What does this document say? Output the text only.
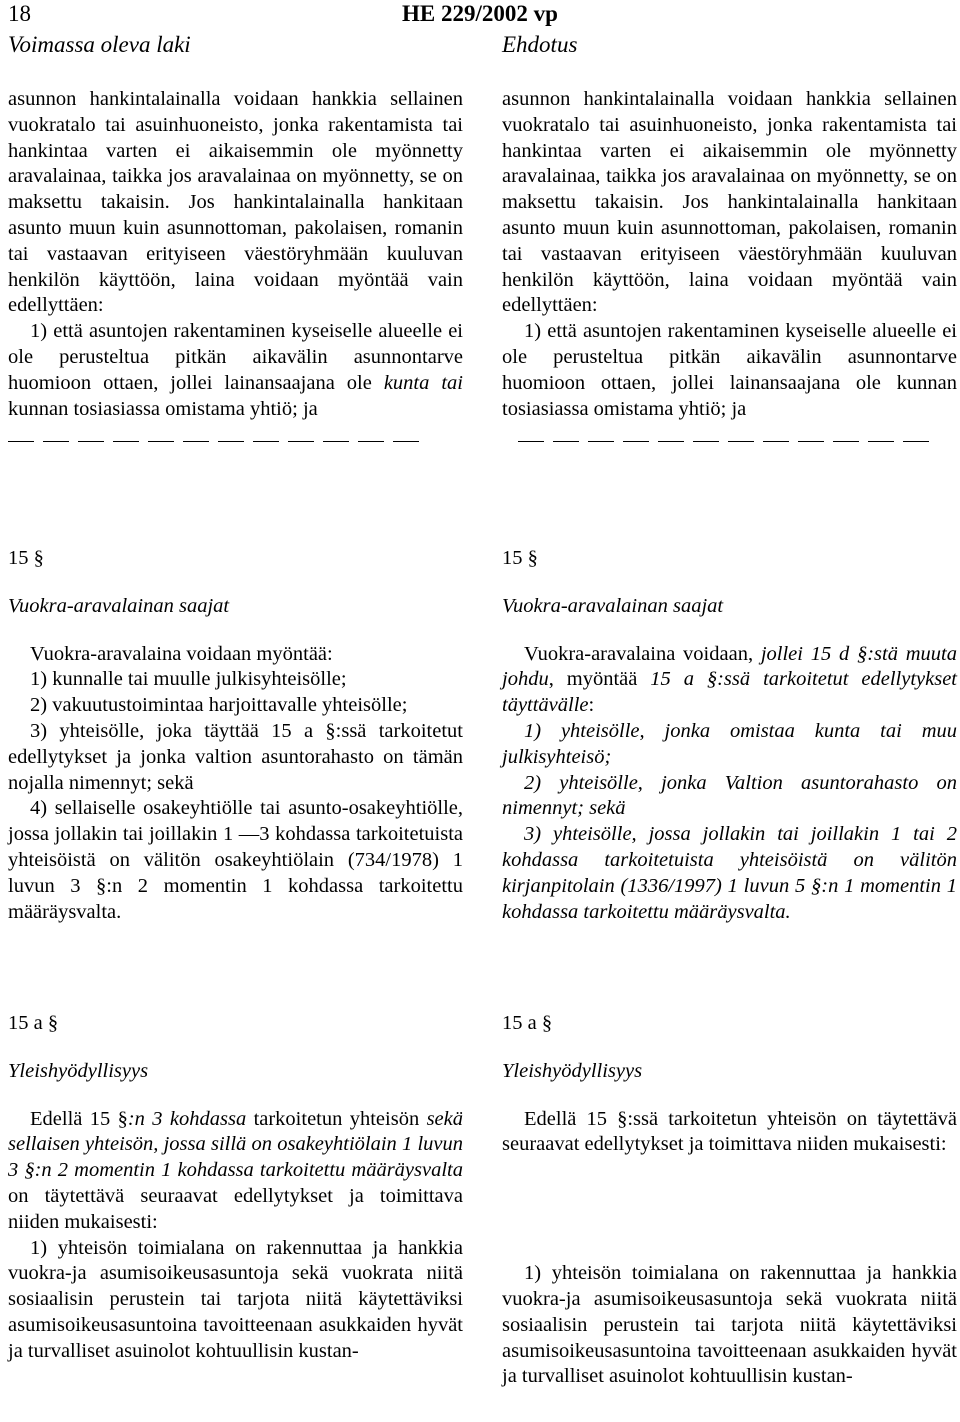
18	HE 229/2002 vp
Voimassa oleva laki	Ehdotus

asunnon hankintalainalla voidaan hankkia sellainen vuokratalo tai asuinhuoneisto, jonka rakentamista tai hankintaa varten ei aikaisemmin ole myönnetty aravalainaa, taikka jos aravalainaa on myönnetty, se on maksettu takaisin. Jos hankintalainalla hankitaan asunto muun kuin asunnottoman, pakolaisen, romanin tai vastaavan erityiseen väestöryhmään kuuluvan henkilön käyttöön, laina voidaan myöntää vain edellyttäen:

1) että asuntojen rakentaminen kyseiselle alueelle ei ole perusteltua pitkän aikavälin asunnontarve huomioon ottaen, jollei lainansaajana ole kunta tai kunnan tosiasiassa omistama yhtiö; ja

15 §

Vuokra-aravalainan saajat

Vuokra-aravalaina voidaan myöntää:

1) kunnalle tai muulle julkisyhteisölle;

2) vakuutustoimintaa harjoittavalle yhteisölle;

3) yhteisölle, joka täyttää 15 a §:ssä tarkoitetut edellytykset ja jonka valtion asuntorahasto on tämän nojalla nimennyt; sekä

4) sellaiselle osakeyhtiölle tai asunto-osakeyhtiölle, jossa jollakin tai joillakin 1 —3 kohdassa tarkoitetuista yhteisöistä on välitön osakeyhtiölain (734/1978) 1 luvun 3 §:n 2 momentin 1 kohdassa tarkoitettu määräysvalta.

15 a §

Yleishyödyllisyys

Edellä 15 §:n 3 kohdassa tarkoitetun yhteisön sekä sellaisen yhteisön, jossa sillä on osakeyhtiölain 1 luvun 3 §:n 2 momentin 1 kohdassa tarkoitettu määräysvalta on täytettävä seuraavat edellytykset ja toimittava niiden mukaisesti:

1) yhteisön toimialana on rakennuttaa ja hankkia vuokra-ja asumisoikeusasuntoja sekä vuokrata niitä sosiaalisin perustein tai tarjota niitä käytettäviksi asumisoikeusasuntoina tavoitteenaan asukkaiden hyvät ja turvalliset asuinolot kohtuullisin kustan-

asunnon hankintalainalla voidaan hankkia sellainen vuokratalo tai asuinhuoneisto, jonka rakentamista tai hankintaa varten ei aikaisemmin ole myönnetty aravalainaa, taikka jos aravalainaa on myönnetty, se on maksettu takaisin. Jos hankintalainalla hankitaan asunto muun kuin asunnottoman, pakolaisen, romanin tai vastaavan erityiseen väestöryhmään kuuluvan henkilön käyttöön, laina voidaan myöntää vain edellyttäen:

1) että asuntojen rakentaminen kyseiselle alueelle ei ole perusteltua pitkän aikavälin asunnontarve huomioon ottaen, jollei lainansaajana ole kunnan tosiasiassa omistama yhtiö; ja

15 §

Vuokra-aravalainan saajat

Vuokra-aravalaina voidaan, jollei 15 d §:stä muuta johdu, myöntää 15 a §:ssä tarkoitetut edellytykset täyttävälle:

1) yhteisölle, jonka omistaa kunta tai muu julkisyhteisö;

2) yhteisölle, jonka Valtion asuntorahasto on nimennyt; sekä

3) yhteisölle, jossa jollakin tai joillakin 1 tai 2 kohdassa tarkoitetuista yhteisöistä on välitön kirjanpitolain (1336/1997) 1 luvun 5 §:n 1 momentin 1 kohdassa tarkoitettu määräysvalta.

15 a §

Yleishyödyllisyys

Edellä 15 §:ssä tarkoitetun yhteisön on täytettävä seuraavat edellytykset ja toimittava niiden mukaisesti:

1) yhteisön toimialana on rakennuttaa ja hankkia vuokra-ja asumisoikeusasuntoja sekä vuokrata niitä sosiaalisin perustein tai tarjota niitä käytettäviksi asumisoikeusasuntoina tavoitteenaan asukkaiden hyvät ja turvalliset asuinolot kohtuullisin kustan-
